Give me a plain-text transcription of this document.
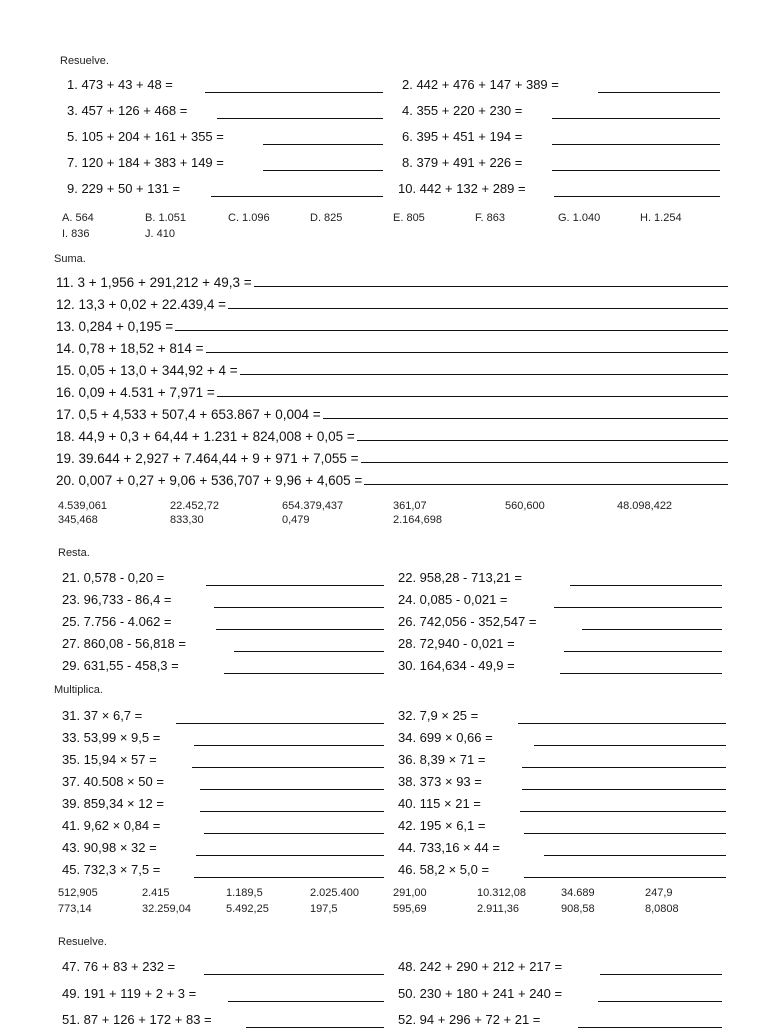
Resuelve.
1. 473 + 43 + 48 =	2. 442 + 476 + 147 + 389 =
3. 457 + 126 + 468 =	4. 355 + 220 + 230 =
5. 105 + 204 + 161 + 355 =	6. 395 + 451 + 194 =
7. 120 + 184 + 383 + 149 =	8. 379 + 491 + 226 =
9. 229 + 50 + 131 =	10. 442 + 132 + 289 =
A. 564	B. 1.051	C. 1.096	D. 825	E. 805	F. 863	G. 1.040	H. 1.254
I. 836	J. 410
Suma.
11. 3 + 1,956 + 291,212 + 49,3 =
12. 13,3 + 0,02 + 22.439,4 =
13. 0,284 + 0,195 =
14. 0,78 + 18,52 + 814 =
15. 0,05 + 13,0 + 344,92 + 4 =
16. 0,09 + 4.531 + 7,971 =
17. 0,5 + 4,533 + 507,4 + 653.867 + 0,004 =
18. 44,9 + 0,3 + 64,44 + 1.231 + 824,008 + 0,05 =
19. 39.644 + 2,927 + 7.464,44 + 9 + 971 + 7,055 =
20. 0,007 + 0,27 + 9,06 + 536,707 + 9,96 + 4,605 =
4.539,061	22.452,72	654.379,437	361,07	560,600	48.098,422
345,468	833,30	0,479	2.164,698
Resta.
21. 0,578 - 0,20 =	22. 958,28 - 713,21 =
23. 96,733 - 86,4 =	24. 0,085 - 0,021 =
25. 7.756 - 4.062 =	26. 742,056 - 352,547 =
27. 860,08 - 56,818 =	28. 72,940 - 0,021 =
29. 631,55 - 458,3 =	30. 164,634 - 49,9 =
Multiplica.
31. 37 × 6,7 =	32. 7,9 × 25 =
33. 53,99 × 9,5 =	34. 699 × 0,66 =
35. 15,94 × 57 =	36. 8,39 × 71 =
37. 40.508 × 50 =	38. 373 × 93 =
39. 859,34 × 12 =	40. 115 × 21 =
41. 9,62 × 0,84 =	42. 195 × 6,1 =
43. 90,98 × 32 =	44. 733,16 × 44 =
45. 732,3 × 7,5 =	46. 58,2 × 5,0 =
512,905	2.415	1.189,5	2.025.400	291,00	10.312,08	34.689	247,9
773,14	32.259,04	5.492,25	197,5	595,69	2.911,36	908,58	8,0808
Resuelve.
47. 76 + 83 + 232 =	48. 242 + 290 + 212 + 217 =
49. 191 + 119 + 2 + 3 =	50. 230 + 180 + 241 + 240 =
51. 87 + 126 + 172 + 83 =	52. 94 + 296 + 72 + 21 =
